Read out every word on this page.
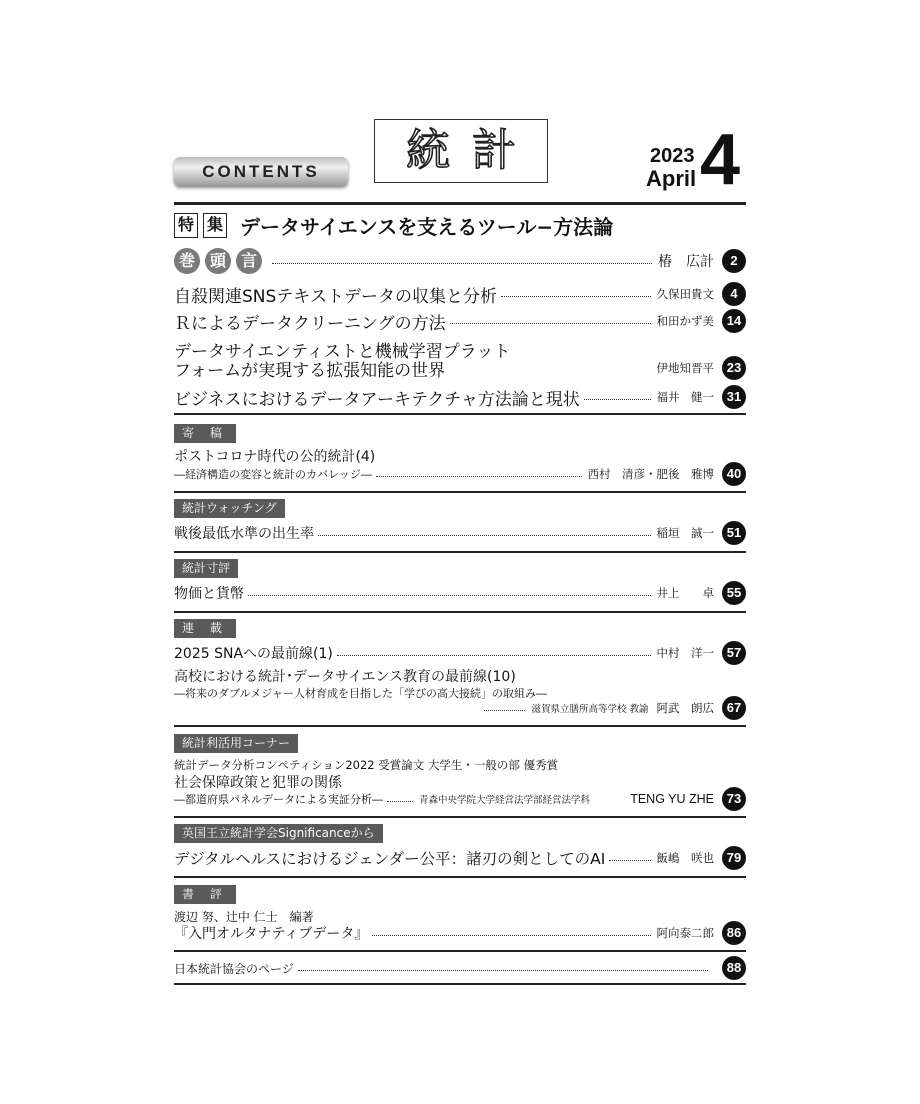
CONTENTS	統計	2023
April 4
特 集 データサイエンスを支えるツール−方法論
巻 頭 言	椿　広計	2
自殺関連SNSテキストデータの収集と分析	久保田貴文	4
Ｒによるデータクリーニングの方法	和田かず美 14
データサイエンティストと機械学習プラット
フォームが実現する拡張知能の世界	伊地知晋平 23
ビジネスにおけるデータアーキテクチャ方法論と現状	福井　健一 31
寄　 稿
ポストコロナ時代の公的統計(4)
―経済構造の変容と統計のカバレッジ―	西村　清彦・肥後　雅博 40
統計ウォッチング
戦後最低水準の出生率	稲垣　誠一 51
統計寸評
物価と貨幣	井上　　卓 55
連　 載
2025 SNAへの最前線(1)	中村　洋一 57
高校における統計･データサイエンス教育の最前線(10)
―将来のダブルメジャー人材育成を目指した「学びの高大接続」の取組み―
滋賀県立膳所高等学校 教諭 阿武　朗広 67
統計利活用コーナー
統計データ分析コンペティション2022 受賞論文 大学生・一般の部 優秀賞
社会保障政策と犯罪の関係
―都道府県パネルデータによる実証分析―	青森中央学院大学経営法学部経営法学科	TENG YU ZHE 73
英国王立統計学会Significanceから
デジタルヘルスにおけるジェンダー公平：諸刃の剣としてのAI	飯嶋　咲也 79
書　 評
渡辺 努、辻中 仁士　編著
『入門オルタナティブデータ』	阿向泰二郎 86
日本統計協会のページ	88
